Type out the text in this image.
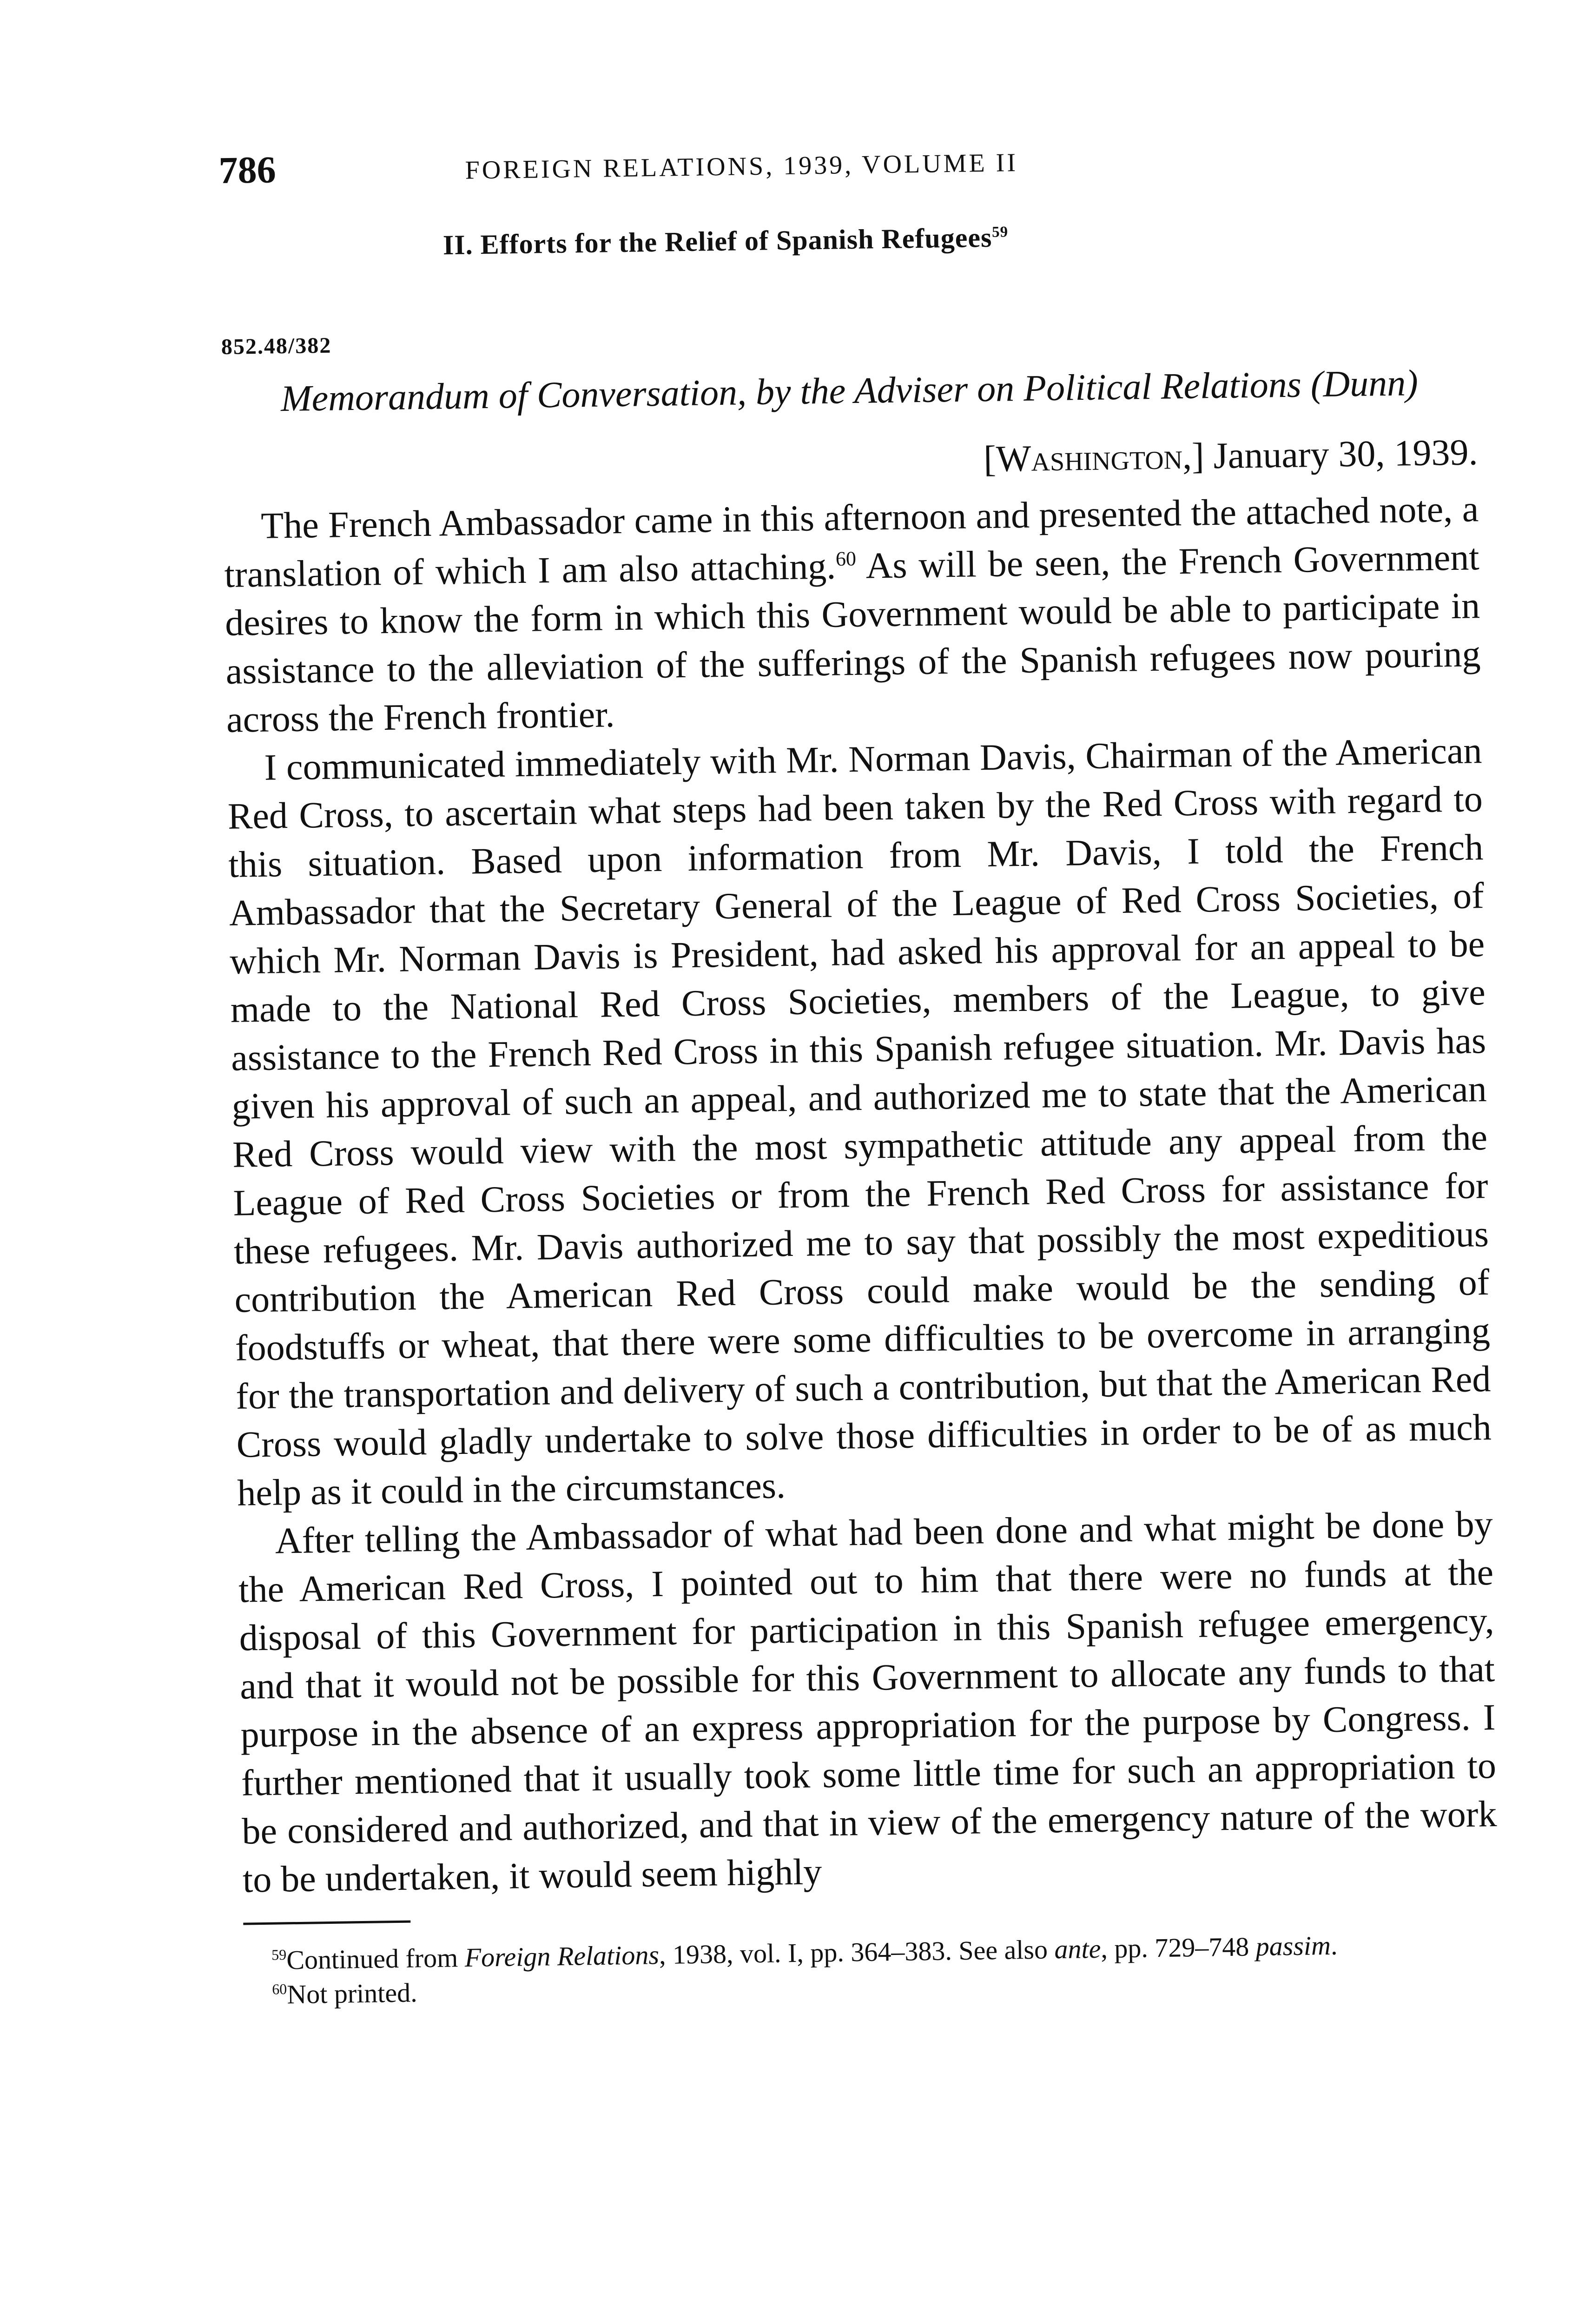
786	FOREIGN RELATIONS, 1939, VOLUME II
II. Efforts for the Relief of Spanish Refugees$^{59}$
852.48/382
Memorandum of Conversation, by the Adviser on Political Relations (Dunn)
[Washington,] January 30, 1939.

The French Ambassador came in this afternoon and presented the attached note, a translation of which I am also attaching.$^{60}$ As will be seen, the French Government desires to know the form in which this Government would be able to participate in assistance to the alleviation of the sufferings of the Spanish refugees now pouring across the French frontier.

I communicated immediately with Mr. Norman Davis, Chairman of the American Red Cross, to ascertain what steps had been taken by the Red Cross with regard to this situation. Based upon information from Mr. Davis, I told the French Ambassador that the Secretary General of the League of Red Cross Societies, of which Mr. Norman Davis is President, had asked his approval for an appeal to be made to the National Red Cross Societies, members of the League, to give assistance to the French Red Cross in this Spanish refugee situation. Mr. Davis has given his approval of such an appeal, and authorized me to state that the American Red Cross would view with the most sympathetic attitude any appeal from the League of Red Cross Societies or from the French Red Cross for assistance for these refugees. Mr. Davis authorized me to say that possibly the most expeditious contribution the American Red Cross could make would be the sending of foodstuffs or wheat, that there were some difficulties to be overcome in arranging for the transportation and delivery of such a contribution, but that the American Red Cross would gladly undertake to solve those difficulties in order to be of as much help as it could in the circumstances.

After telling the Ambassador of what had been done and what might be done by the American Red Cross, I pointed out to him that there were no funds at the disposal of this Government for participation in this Spanish refugee emergency, and that it would not be possible for this Government to allocate any funds to that purpose in the absence of an express appropriation for the purpose by Congress. I further mentioned that it usually took some little time for such an appropriation to be considered and authorized, and that in view of the emergency nature of the work to be undertaken, it would seem highly

$^{59}$Continued from Foreign Relations, 1938, vol. I, pp. 364–383. See also ante, pp. 729–748 passim.

$^{60}$Not printed.
